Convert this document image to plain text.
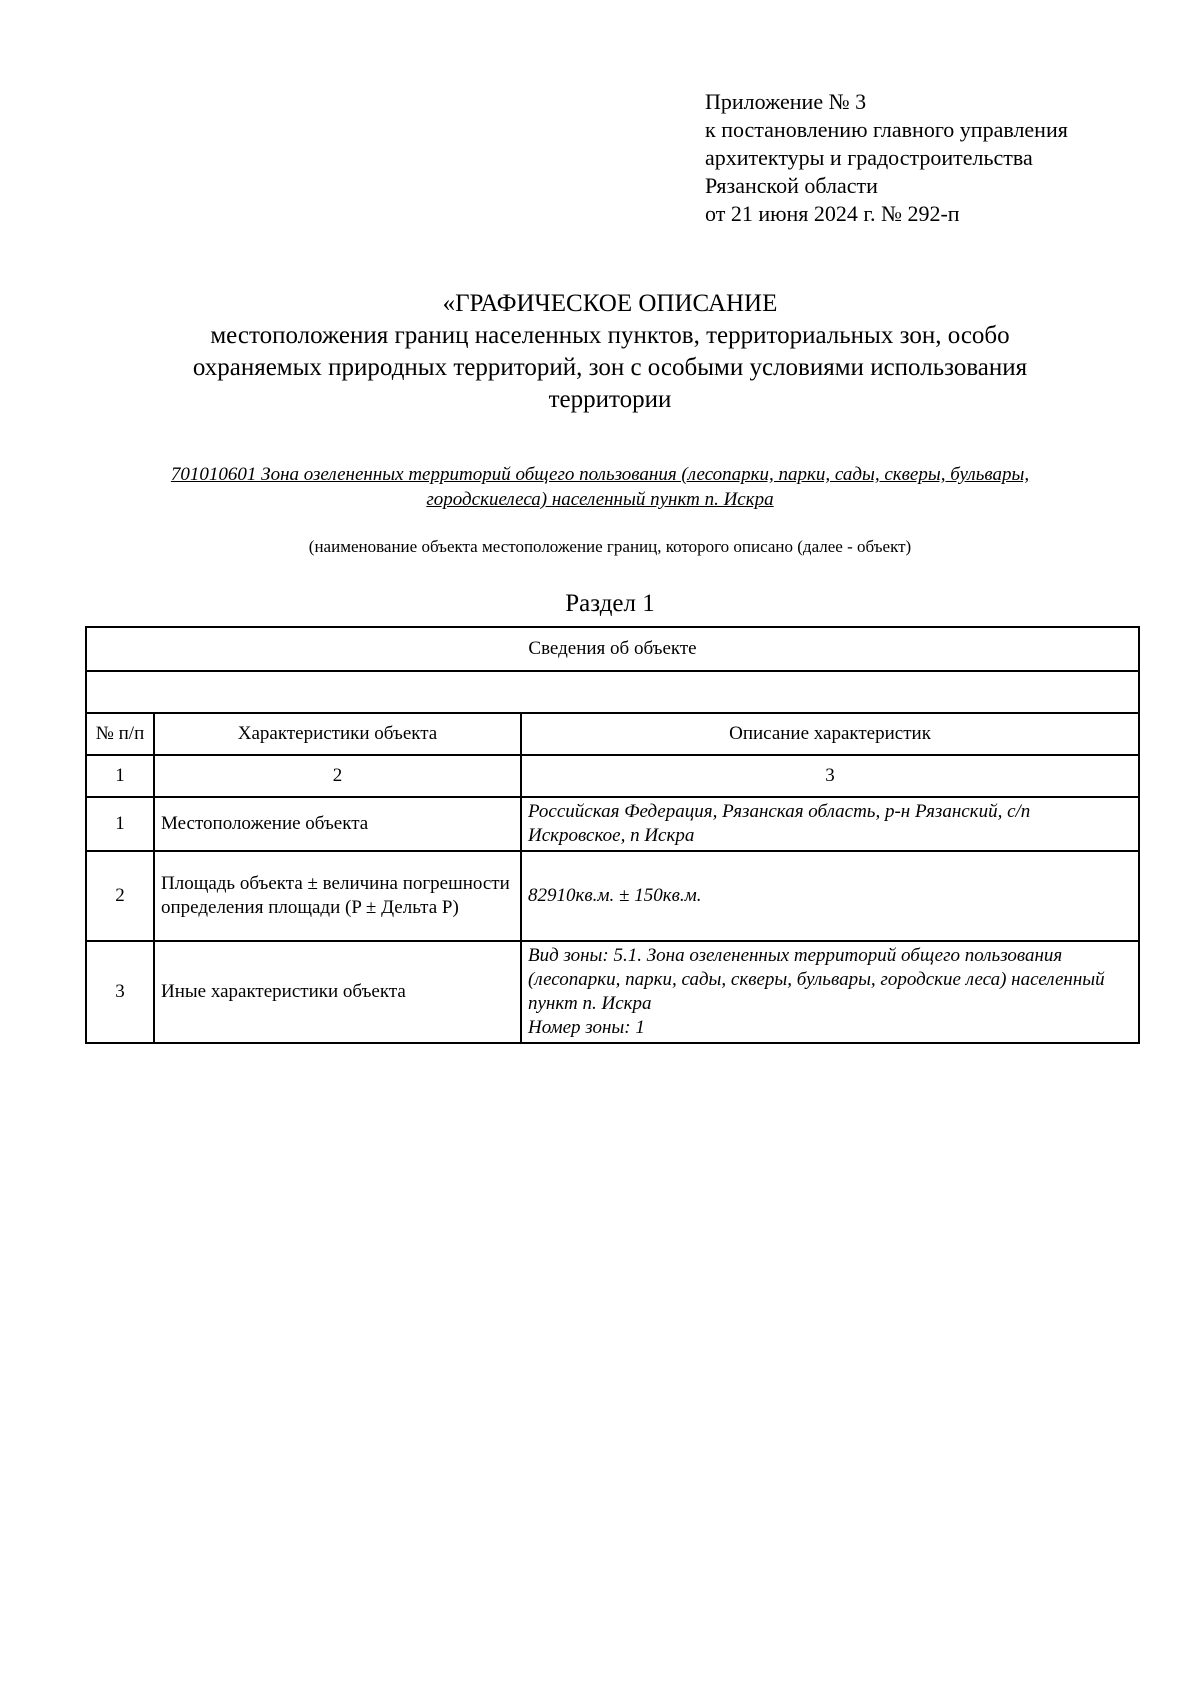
Приложение № 3
к постановлению главного управления
архитектуры и градостроительства
Рязанской области
от 21 июня 2024 г. № 292-п
«ГРАФИЧЕСКОЕ ОПИСАНИЕ
местоположения границ населенных пунктов, территориальных зон, особо
охраняемых природных территорий, зон с особыми условиями использования
территории
701010601 Зона озелененных территорий общего пользования (лесопарки, парки, сады, скверы, бульвары,
городскиелеса) населенный пункт п. Искра
(наименование объекта местоположение границ, которого описано (далее - объект)
Раздел 1
Сведения об объекте		

№ п/п	Характеристики объекта	Описание характеристик
1	2	3
1	Местоположение объекта	Российская Федерация, Рязанская область, р-н Рязанский, с/п Искровское, п Искра

2	Площадь объекта ± величина погрешности определения площади (P ± Дельта P)	82910кв.м. ± 150кв.м.

3	Иные характеристики объекта	Вид зоны: 5.1. Зона озелененных территорий общего пользования (лесопарки, парки, сады, скверы, бульвары, городские леса) населенный пункт п. Искра
Номер зоны: 1
